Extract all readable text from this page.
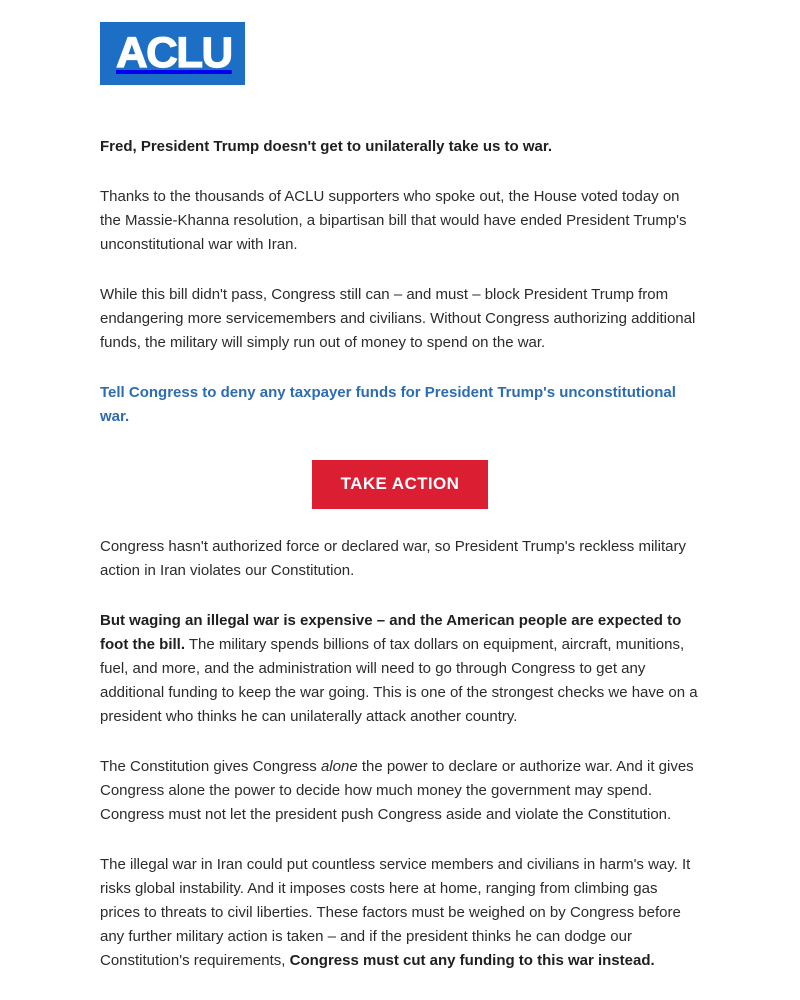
ACLU

Fred, President Trump doesn't get to unilaterally take us to war.

Thanks to the thousands of ACLU supporters who spoke out, the House voted today on the Massie-Khanna resolution, a bipartisan bill that would have ended President Trump's unconstitutional war with Iran.

While this bill didn't pass, Congress still can – and must – block President Trump from endangering more servicemembers and civilians. Without Congress authorizing additional funds, the military will simply run out of money to spend on the war.

Tell Congress to deny any taxpayer funds for President Trump's unconstitutional war.

TAKE ACTION

Congress hasn't authorized force or declared war, so President Trump's reckless military action in Iran violates our Constitution.

But waging an illegal war is expensive – and the American people are expected to foot the bill. The military spends billions of tax dollars on equipment, aircraft, munitions, fuel, and more, and the administration will need to go through Congress to get any additional funding to keep the war going. This is one of the strongest checks we have on a president who thinks he can unilaterally attack another country.

The Constitution gives Congress alone the power to declare or authorize war. And it gives Congress alone the power to decide how much money the government may spend. Congress must not let the president push Congress aside and violate the Constitution.

The illegal war in Iran could put countless service members and civilians in harm's way. It risks global instability. And it imposes costs here at home, ranging from climbing gas prices to threats to civil liberties. These factors must be weighed on by Congress before any further military action is taken – and if the president thinks he can dodge our Constitution's requirements, Congress must cut any funding to this war instead.
